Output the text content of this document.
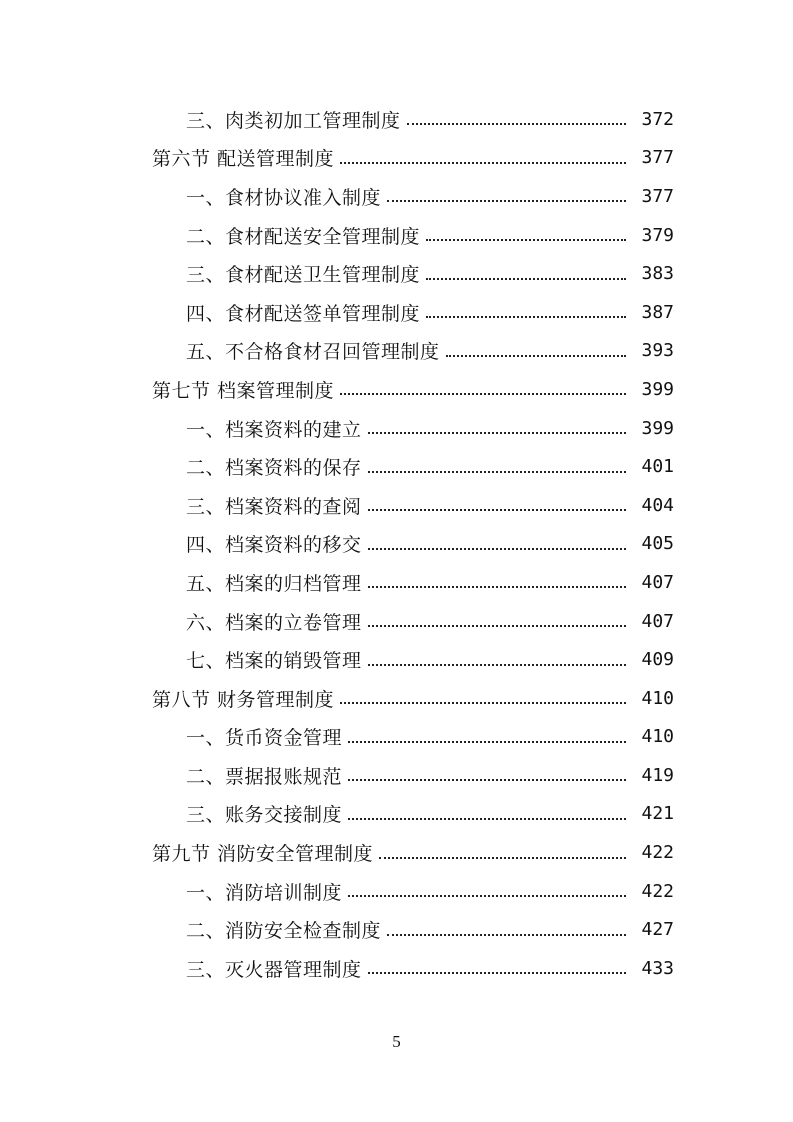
三、肉类初加工管理制度	372
第六节 配送管理制度	377
一、食材协议准入制度	377
二、食材配送安全管理制度	379
三、食材配送卫生管理制度	383
四、食材配送签单管理制度	387
五、不合格食材召回管理制度	393
第七节 档案管理制度	399
一、档案资料的建立	399
二、档案资料的保存	401
三、档案资料的查阅	404
四、档案资料的移交	405
五、档案的归档管理	407
六、档案的立卷管理	407
七、档案的销毁管理	409
第八节 财务管理制度	410
一、货币资金管理	410
二、票据报账规范	419
三、账务交接制度	421
第九节 消防安全管理制度	422
一、消防培训制度	422
二、消防安全检查制度	427
三、灭火器管理制度	433
5
